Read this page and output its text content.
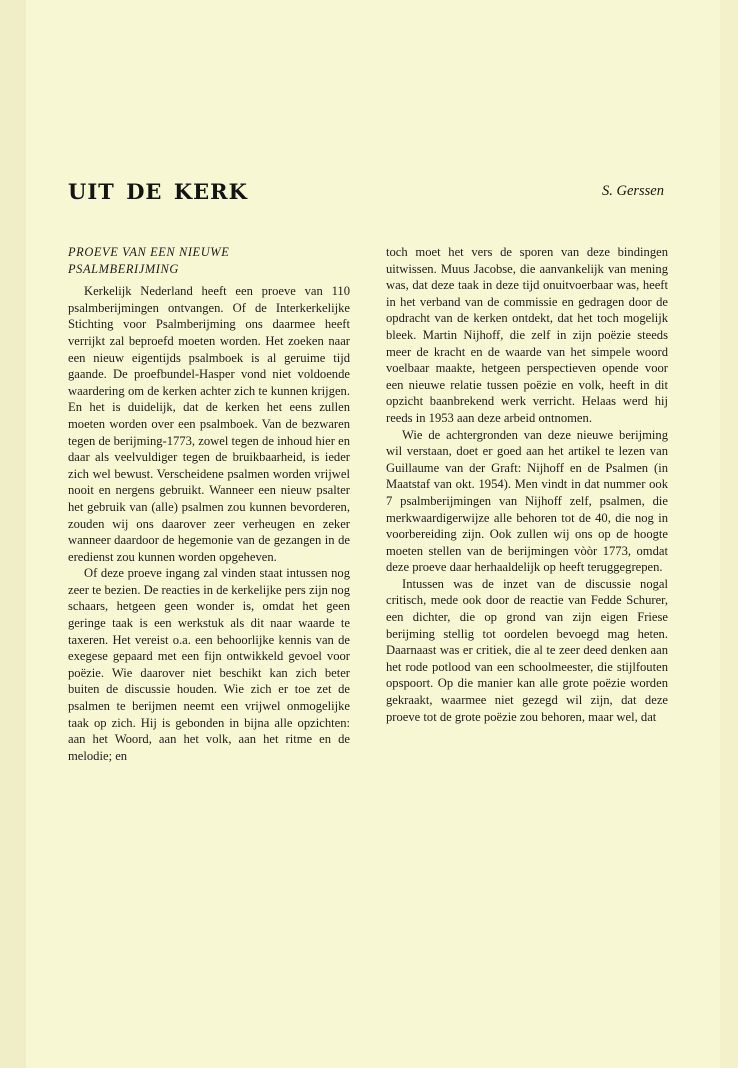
uit de kerk	S. Gerssen
PROEVE VAN EEN NIEUWE
PSALMBERIJMING

Kerkelijk Nederland heeft een proeve van 110 psalmberijmingen ontvangen. Of de Interkerkelijke Stichting voor Psalmberijming ons daarmee heeft verrijkt zal beproefd moeten worden. Het zoeken naar een nieuw eigentijds psalmboek is al geruime tijd gaande. De proefbundel-Hasper vond niet voldoende waardering om de kerken achter zich te kunnen krijgen. En het is duidelijk, dat de kerken het eens zullen moeten worden over een psalmboek. Van de bezwaren tegen de berijming-1773, zowel tegen de inhoud hier en daar als veelvuldiger tegen de bruikbaarheid, is ieder zich wel bewust. Verscheidene psalmen worden vrijwel nooit en nergens gebruikt. Wanneer een nieuw psalter het gebruik van (alle) psalmen zou kunnen bevorderen, zouden wij ons daarover zeer verheugen en zeker wanneer daardoor de hegemonie van de gezangen in de eredienst zou kunnen worden opgeheven.

Of deze proeve ingang zal vinden staat intussen nog zeer te bezien. De reacties in de kerkelijke pers zijn nog schaars, hetgeen geen wonder is, omdat het geen geringe taak is een werkstuk als dit naar waarde te taxeren. Het vereist o.a. een behoorlijke kennis van de exegese gepaard met een fijn ontwikkeld gevoel voor poëzie. Wie daarover niet beschikt kan zich beter buiten de discussie houden. Wie zich er toe zet de psalmen te berijmen neemt een vrijwel onmogelijke taak op zich. Hij is gebonden in bijna alle opzichten: aan het Woord, aan het volk, aan het ritme en de melodie; en

toch moet het vers de sporen van deze bindingen uitwissen. Muus Jacobse, die aanvankelijk van mening was, dat deze taak in deze tijd onuitvoerbaar was, heeft in het verband van de commissie en gedragen door de opdracht van de kerken ontdekt, dat het toch mogelijk bleek. Martin Nijhoff, die zelf in zijn poëzie steeds meer de kracht en de waarde van het simpele woord voelbaar maakte, hetgeen perspectieven opende voor een nieuwe relatie tussen poëzie en volk, heeft in dit opzicht baanbrekend werk verricht. Helaas werd hij reeds in 1953 aan deze arbeid ontnomen.

Wie de achtergronden van deze nieuwe berijming wil verstaan, doet er goed aan het artikel te lezen van Guillaume van der Graft: Nijhoff en de Psalmen (in Maatstaf van okt. 1954). Men vindt in dat nummer ook 7 psalmberijmingen van Nijhoff zelf, psalmen, die merkwaardigerwijze alle behoren tot de 40, die nog in voorbereiding zijn. Ook zullen wij ons op de hoogte moeten stellen van de berijmingen vòòr 1773, omdat deze proeve daar herhaaldelijk op heeft teruggegrepen.

Intussen was de inzet van de discussie nogal critisch, mede ook door de reactie van Fedde Schurer, een dichter, die op grond van zijn eigen Friese berijming stellig tot oordelen bevoegd mag heten. Daarnaast was er critiek, die al te zeer deed denken aan het rode potlood van een schoolmeester, die stijlfouten opspoort. Op die manier kan alle grote poëzie worden gekraakt, waarmee niet gezegd wil zijn, dat deze proeve tot de grote poëzie zou behoren, maar wel, dat
